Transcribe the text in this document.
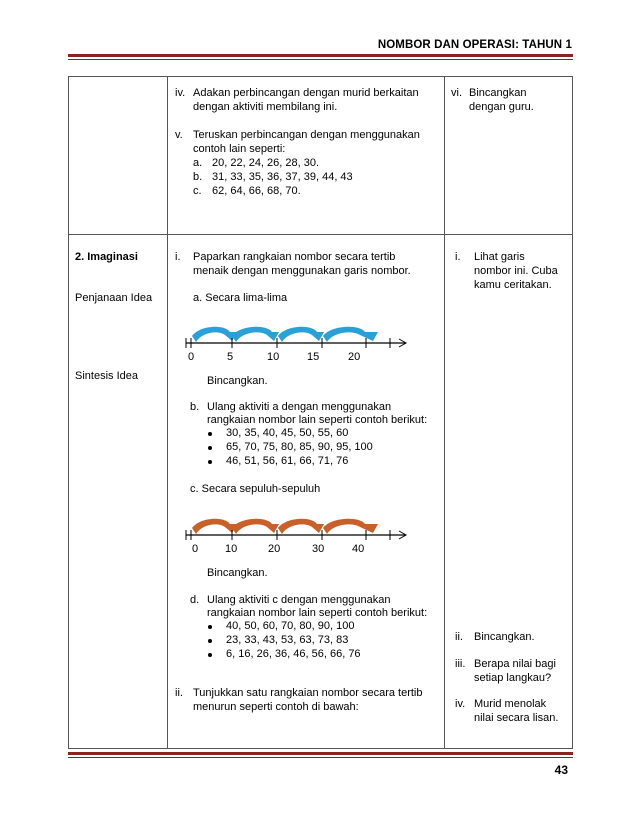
NOMBOR DAN OPERASI: TAHUN 1
iv. Adakan perbincangan dengan murid berkaitan
dengan aktiviti membilang ini.
v. Teruskan perbincangan dengan menggunakan
contoh lain seperti:
a. 20, 22, 24, 26, 28, 30.
b. 31, 33, 35, 36, 37, 39, 44, 43
c. 62, 64, 66, 68, 70.
vi. Bincangkan
dengan guru.
2. Imaginasi
Penjanaan Idea
Sintesis Idea
i. Paparkan rangkaian nombor secara tertib
menaik dengan menggunakan garis nombor.
a. Secara lima-lima
0	5	10	15	20
Bincangkan.
b. Ulang aktiviti a dengan menggunakan
rangkaian nombor lain seperti contoh berikut:
30, 35, 40, 45, 50, 55, 60
65, 70, 75, 80, 85, 90, 95, 100
46, 51, 56, 61, 66, 71, 76
c. Secara sepuluh-sepuluh
0 10	20	30	40
Bincangkan.
d. Ulang aktiviti c dengan menggunakan
rangkaian nombor lain seperti contoh berikut:
40, 50, 60, 70, 80, 90, 100
23, 33, 43, 53, 63, 73, 83
6, 16, 26, 36, 46, 56, 66, 76
ii. Tunjukkan satu rangkaian nombor secara tertib
menurun seperti contoh di bawah:
i. Lihat garis
nombor ini. Cuba
kamu ceritakan.
ii. Bincangkan.
iii. Berapa nilai bagi
setiap langkau?
iv. Murid menolak
nilai secara lisan.
43
